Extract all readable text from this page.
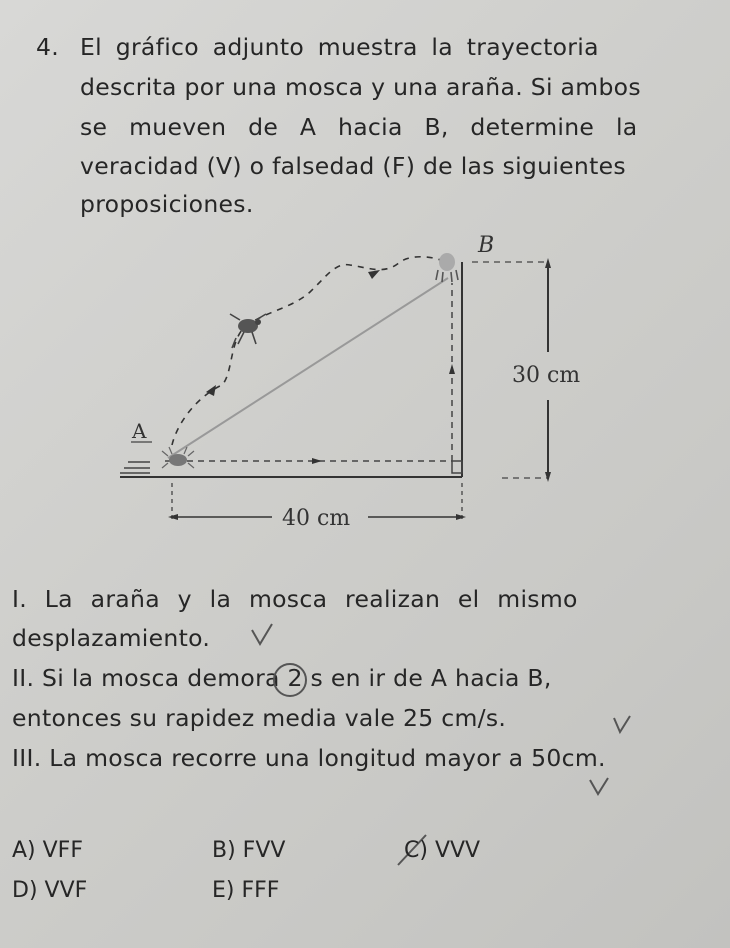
4. El gráfico adjunto muestra la trayectoria
descrita por una mosca y una araña. Si ambos
se mueven de A hacia B, determine la
veracidad (V) o falsedad (F) de las siguientes
proposiciones.
A
B
30 cm
40 cm
I. La araña y la mosca realizan el mismo
desplazamiento.
II. Si la mosca demora 2 s en ir de A hacia B,
entonces su rapidez media vale 25 cm/s.
III. La mosca recorre una longitud mayor a 50cm.
A) VFF	B) FVV	C) VVV
D) VVF	E) FFF
